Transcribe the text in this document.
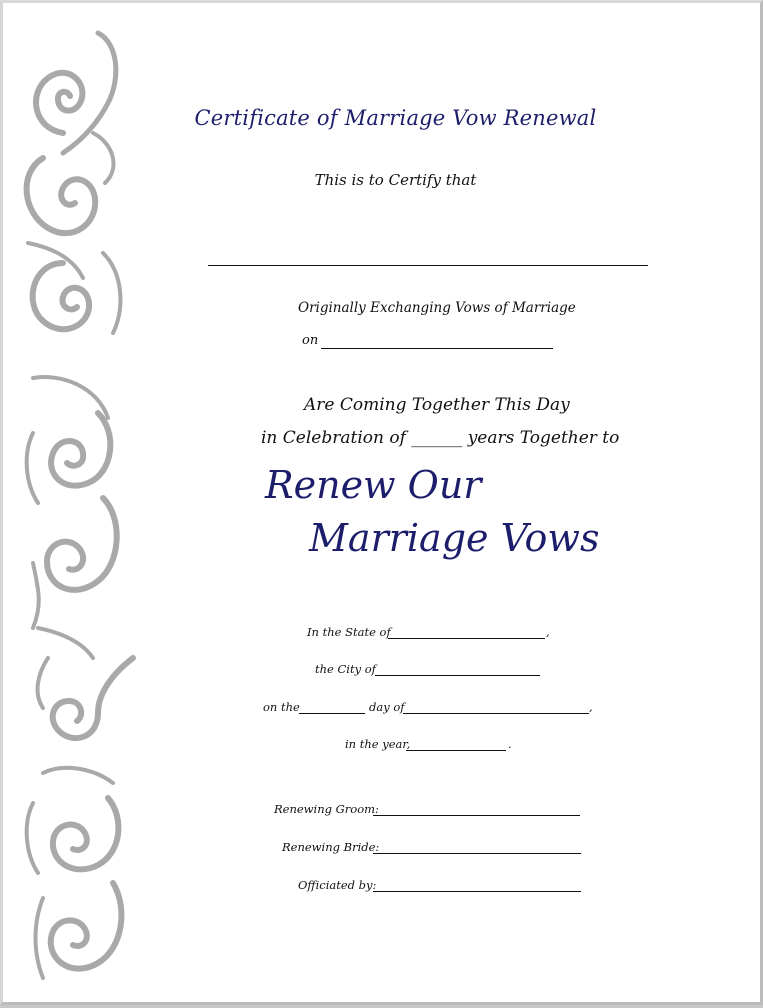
Certificate of Marriage Vow Renewal
This is to Certify that
Originally Exchanging Vows of Marriage
on
Are Coming Together This Day
in Celebration of ______ years Together to
Renew Our
Marriage Vows
In the State of	,
the City of
on the	day of	,
in the year,	.
Renewing Groom:
Renewing Bride:
Officiated by:
